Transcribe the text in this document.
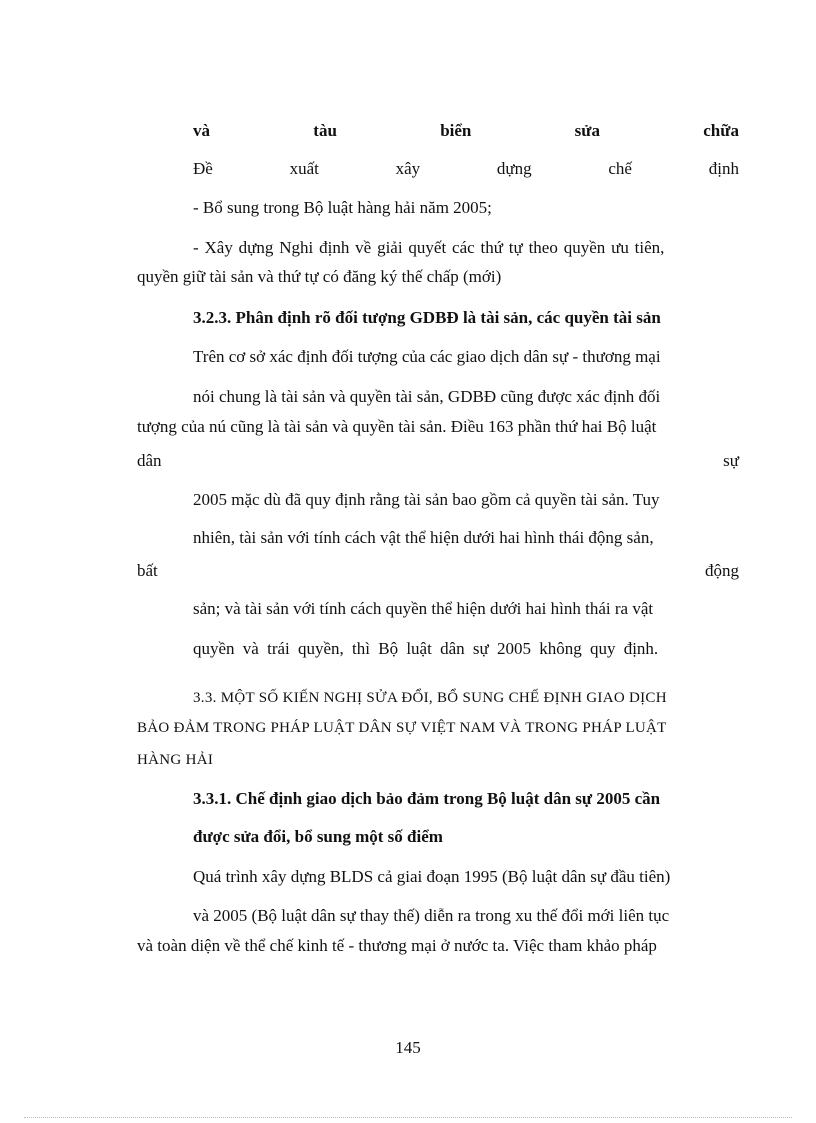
và	tàu	biển	sửa	chữa
Đề	xuất	xây	dựng	chế	định
- Bổ sung trong Bộ luật hàng hải năm 2005;
- Xây dựng Nghi định về giải quyết các thứ tự theo quyền ưu tiên,
quyền giữ tài sản và thứ tự có đăng ký thế chấp (mới)
3.2.3. Phân định rõ đối tượng GDBĐ là tài sản, các quyền tài sản
Trên cơ sở xác định đối tượng của các giao dịch dân sự - thương mại
nói chung là tài sản và quyền tài sản, GDBĐ cũng được xác định đối
tượng của nú cũng là tài sản và quyền tài sản. Điều 163 phần thứ hai Bộ luật
dân	sự
2005 mặc dù đã quy định rằng tài sản bao gồm cả quyền tài sản. Tuy
nhiên, tài sản với tính cách vật thể hiện dưới hai hình thái động sản,
bất	động
sản; và tài sản với tính cách quyền thể hiện dưới hai hình thái ra vật
quyền và trái quyền, thì Bộ luật dân sự 2005 không quy định.
3.3. MỘT SỐ KIẾN NGHỊ SỬA ĐỔI, BỔ SUNG CHẾ ĐỊNH GIAO DỊCH
BẢO ĐẢM TRONG PHÁP LUẬT DÂN SỰ VIỆT NAM VÀ TRONG PHÁP LUẬT
HÀNG HẢI
3.3.1. Chế định giao dịch bảo đảm trong Bộ luật dân sự 2005 cần
được sửa đổi, bổ sung một số điểm
Quá trình xây dựng BLDS cả giai đoạn 1995 (Bộ luật dân sự đầu tiên)
và 2005 (Bộ luật dân sự thay thế) diễn ra trong xu thế đổi mới liên tục
và toàn diện về thể chế kinh tế - thương mại ở nước ta. Việc tham khảo pháp
145
